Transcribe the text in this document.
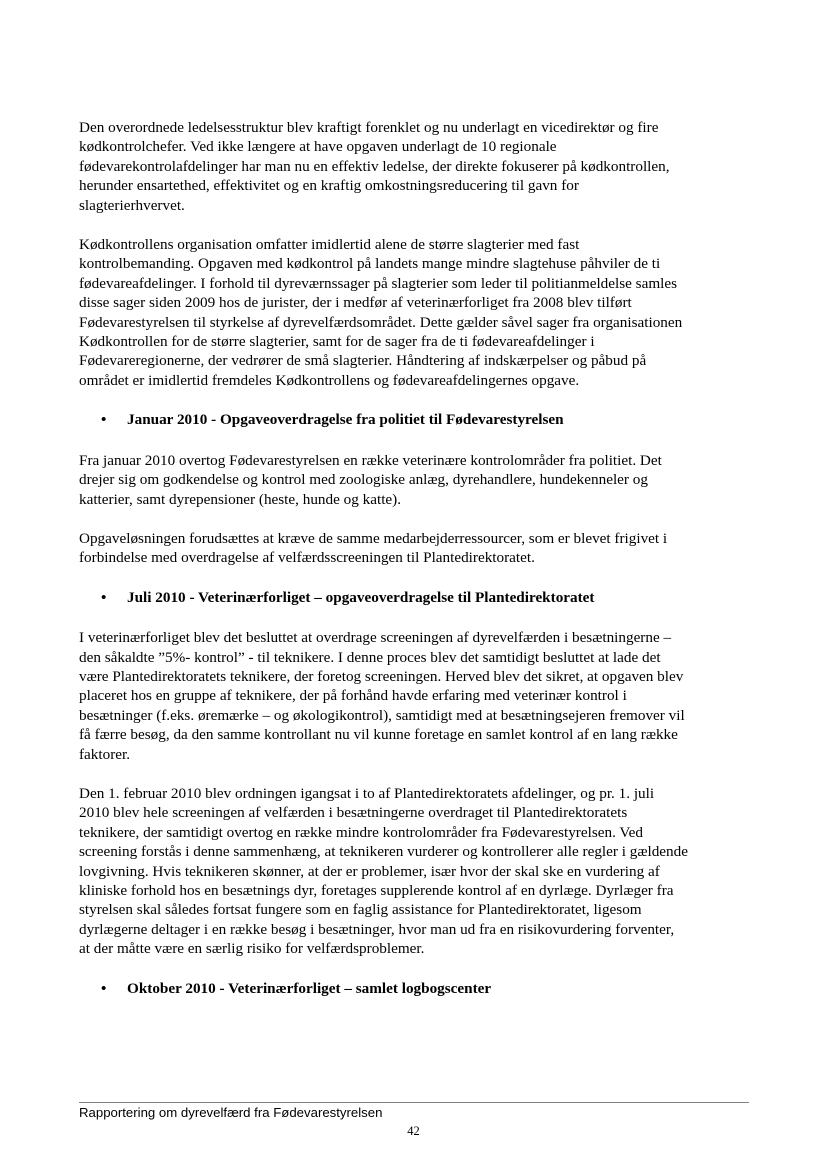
Den overordnede ledelsesstruktur blev kraftigt forenklet og nu underlagt en vicedirektør og fire
kødkontrolchefer. Ved ikke længere at have opgaven underlagt de 10 regionale
fødevarekontrolafdelinger har man nu en effektiv ledelse, der direkte fokuserer på kødkontrollen,
herunder ensartethed, effektivitet og en kraftig omkostningsreducering til gavn for
slagterierhvervet.

Kødkontrollens organisation omfatter imidlertid alene de større slagterier med fast
kontrolbemanding. Opgaven med kødkontrol på landets mange mindre slagtehuse påhviler de ti
fødevareafdelinger. I forhold til dyreværnssager på slagterier som leder til politianmeldelse samles
disse sager siden 2009 hos de jurister, der i medfør af veterinærforliget fra 2008 blev tilført
Fødevarestyrelsen til styrkelse af dyrevelfærdsområdet. Dette gælder såvel sager fra organisationen
Kødkontrollen for de større slagterier, samt for de sager fra de ti fødevareafdelinger i
Fødevareregionerne, der vedrører de små slagterier. Håndtering af indskærpelser og påbud på
området er imidlertid fremdeles Kødkontrollens og fødevareafdelingernes opgave.

•	Januar 2010 - Opgaveoverdragelse fra politiet til Fødevarestyrelsen

Fra januar 2010 overtog Fødevarestyrelsen en række veterinære kontrolområder fra politiet. Det
drejer sig om godkendelse og kontrol med zoologiske anlæg, dyrehandlere, hundekenneler og
katterier, samt dyrepensioner (heste, hunde og katte).

Opgaveløsningen forudsættes at kræve de samme medarbejderressourcer, som er blevet frigivet i
forbindelse med overdragelse af velfærdsscreeningen til Plantedirektoratet.

•	Juli 2010 - Veterinærforliget – opgaveoverdragelse til Plantedirektoratet

I veterinærforliget blev det besluttet at overdrage screeningen af dyrevelfærden i besætningerne –
den såkaldte ”5%- kontrol” - til teknikere. I denne proces blev det samtidigt besluttet at lade det
være Plantedirektoratets teknikere, der foretog screeningen. Herved blev det sikret, at opgaven blev
placeret hos en gruppe af teknikere, der på forhånd havde erfaring med veterinær kontrol i
besætninger (f.eks. øremærke – og økologikontrol), samtidigt med at besætningsejeren fremover vil
få færre besøg, da den samme kontrollant nu vil kunne foretage en samlet kontrol af en lang række
faktorer.

Den 1. februar 2010 blev ordningen igangsat i to af Plantedirektoratets afdelinger, og pr. 1. juli
2010 blev hele screeningen af velfærden i besætningerne overdraget til Plantedirektoratets
teknikere, der samtidigt overtog en række mindre kontrolområder fra Fødevarestyrelsen. Ved
screening forstås i denne sammenhæng, at teknikeren vurderer og kontrollerer alle regler i gældende
lovgivning. Hvis teknikeren skønner, at der er problemer, især hvor der skal ske en vurdering af
kliniske forhold hos en besætnings dyr, foretages supplerende kontrol af en dyrlæge. Dyrlæger fra
styrelsen skal således fortsat fungere som en faglig assistance for Plantedirektoratet, ligesom
dyrlægerne deltager i en række besøg i besætninger, hvor man ud fra en risikovurdering forventer,
at der måtte være en særlig risiko for velfærdsproblemer.

•	Oktober 2010 - Veterinærforliget – samlet logbogscenter
Rapportering om dyrevelfærd fra Fødevarestyrelsen
42
